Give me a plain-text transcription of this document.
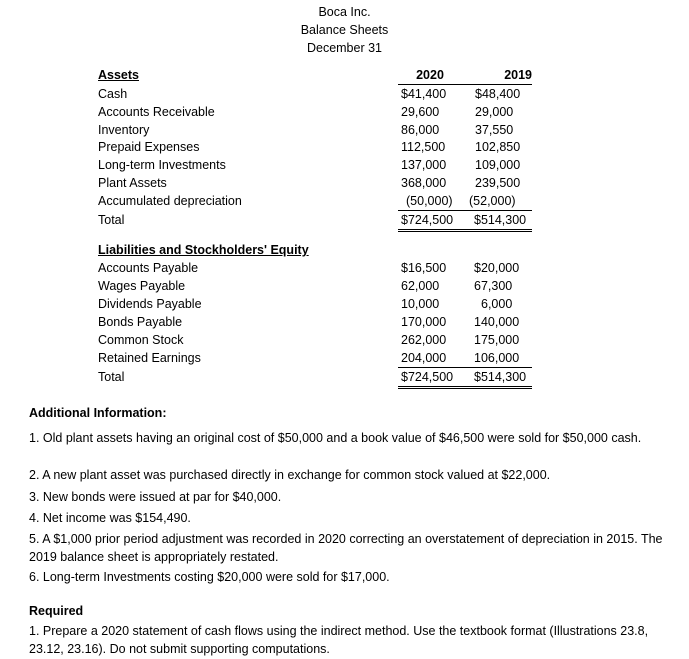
Boca Inc.
Balance Sheets
December 31
Assets	2020	2019
Cash	$41,400 $48,400
Accounts Receivable	29,600	29,000
Inventory	86,000	37,550
Prepaid Expenses	112,500 102,850
Long-term Investments	137,000 109,000
Plant Assets	368,000 239,500
Accumulated depreciation	(50,000) (52,000)
Total	$724,500 $514,300
Liabilities and Stockholders' Equity
Accounts Payable	$16,500 $20,000
Wages Payable	62,000	67,300
Dividends Payable	10,000	6,000
Bonds Payable	170,000 140,000
Common Stock	262,000 175,000
Retained Earnings	204,000 106,000
Total	$724,500 $514,300
Additional Information:
1. Old plant assets having an original cost of $50,000 and a book value of $46,500 were sold for $50,000 cash.
2. A new plant asset was purchased directly in exchange for common stock valued at $22,000.
3. New bonds were issued at par for $40,000.
4. Net income was $154,490.
5. A $1,000 prior period adjustment was recorded in 2020 correcting an overstatement of depreciation in 2015. The 2019 balance sheet is appropriately restated.
6. Long-term Investments costing $20,000 were sold for $17,000.
Required
1. Prepare a 2020 statement of cash flows using the indirect method. Use the textbook format (Illustrations 23.8, 23.12, 23.16). Do not submit supporting computations.
